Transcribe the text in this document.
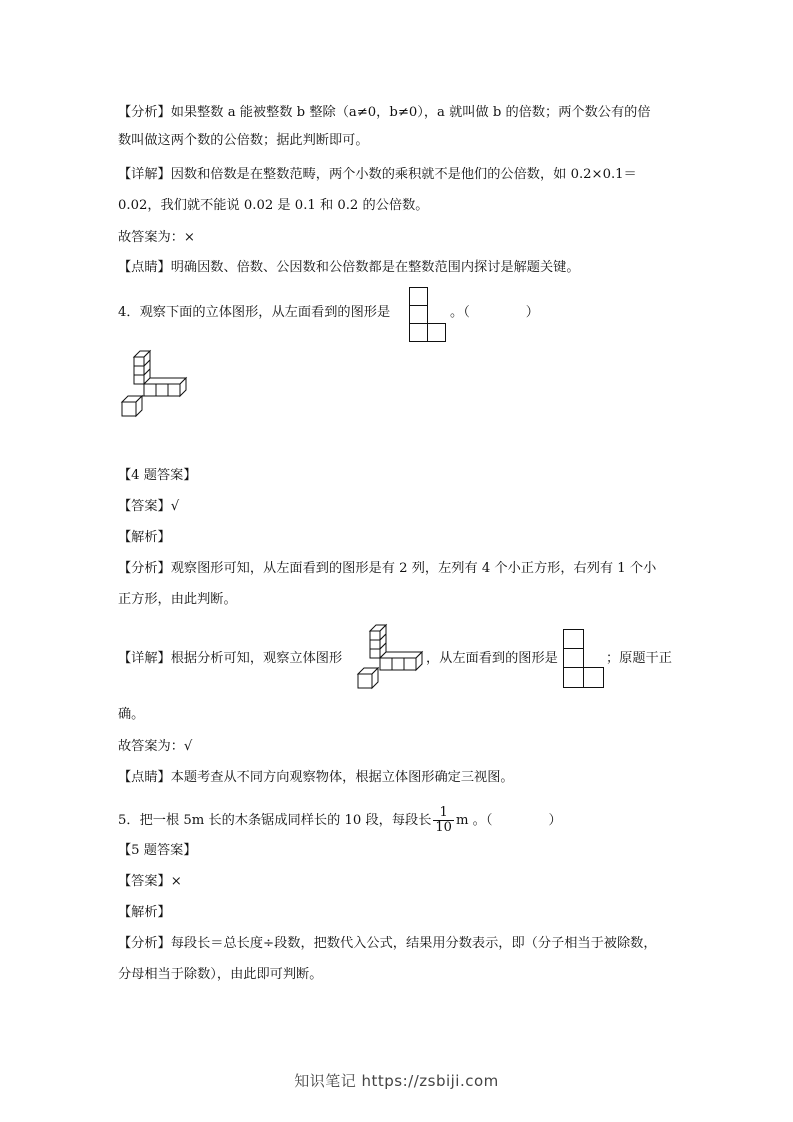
【分析】如果整数 a 能被整数 b 整除（a≠0，b≠0），a 就叫做 b 的倍数；两个数公有的倍
数叫做这两个数的公倍数；据此判断即可。
【详解】因数和倍数是在整数范畴，两个小数的乘积就不是他们的公倍数，如 0.2×0.1＝
0.02，我们就不能说 0.02 是 0.1 和 0.2 的公倍数。
故答案为：×
【点睛】明确因数、倍数、公因数和公倍数都是在整数范围内探讨是解题关键。
4．观察下面的立体图形，从左面看到的图形是	。（	）
【4 题答案】
【答案】√
【解析】
【分析】观察图形可知，从左面看到的图形是有 2 列，左列有 4 个小正方形，右列有 1 个小
正方形，由此判断。
【详解】根据分析可知，观察立体图形	，从左面看到的图形是	；原题干正
确。
故答案为：√
【点睛】本题考查从不同方向观察物体，根据立体图形确定三视图。
5．把一根 5m 长的木条锯成同样长的 10 段，每段长 $\frac{1}{10}$ m 。（	）
【5 题答案】
【答案】×
【解析】
【分析】每段长＝总长度÷段数，把数代入公式，结果用分数表示，即（分子相当于被除数，
分母相当于除数），由此即可判断。
知识笔记 https://zsbiji.com
